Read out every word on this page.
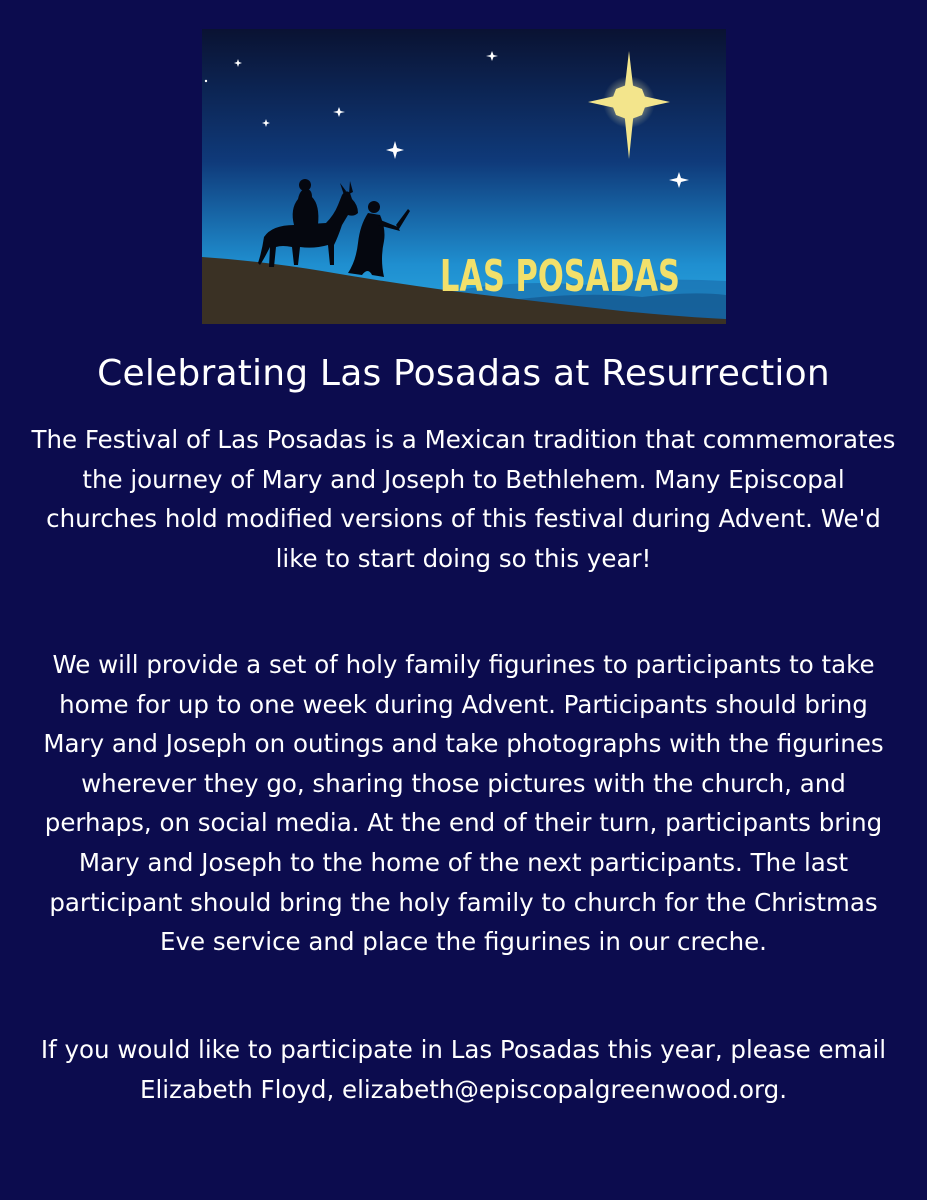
LAS POSADAS
Celebrating Las Posadas at Resurrection

The Festival of Las Posadas is a Mexican tradition that commemorates the journey of Mary and Joseph to Bethlehem. Many Episcopal churches hold modified versions of this festival during Advent. We'd like to start doing so this year!

We will provide a set of holy family figurines to participants to take home for up to one week during Advent. Participants should bring Mary and Joseph on outings and take photographs with the figurines wherever they go, sharing those pictures with the church, and perhaps, on social media. At the end of their turn, participants bring Mary and Joseph to the home of the next participants. The last participant should bring the holy family to church for the Christmas Eve service and place the figurines in our creche.

If you would like to participate in Las Posadas this year, please email Elizabeth Floyd, elizabeth@episcopalgreenwood.org.
